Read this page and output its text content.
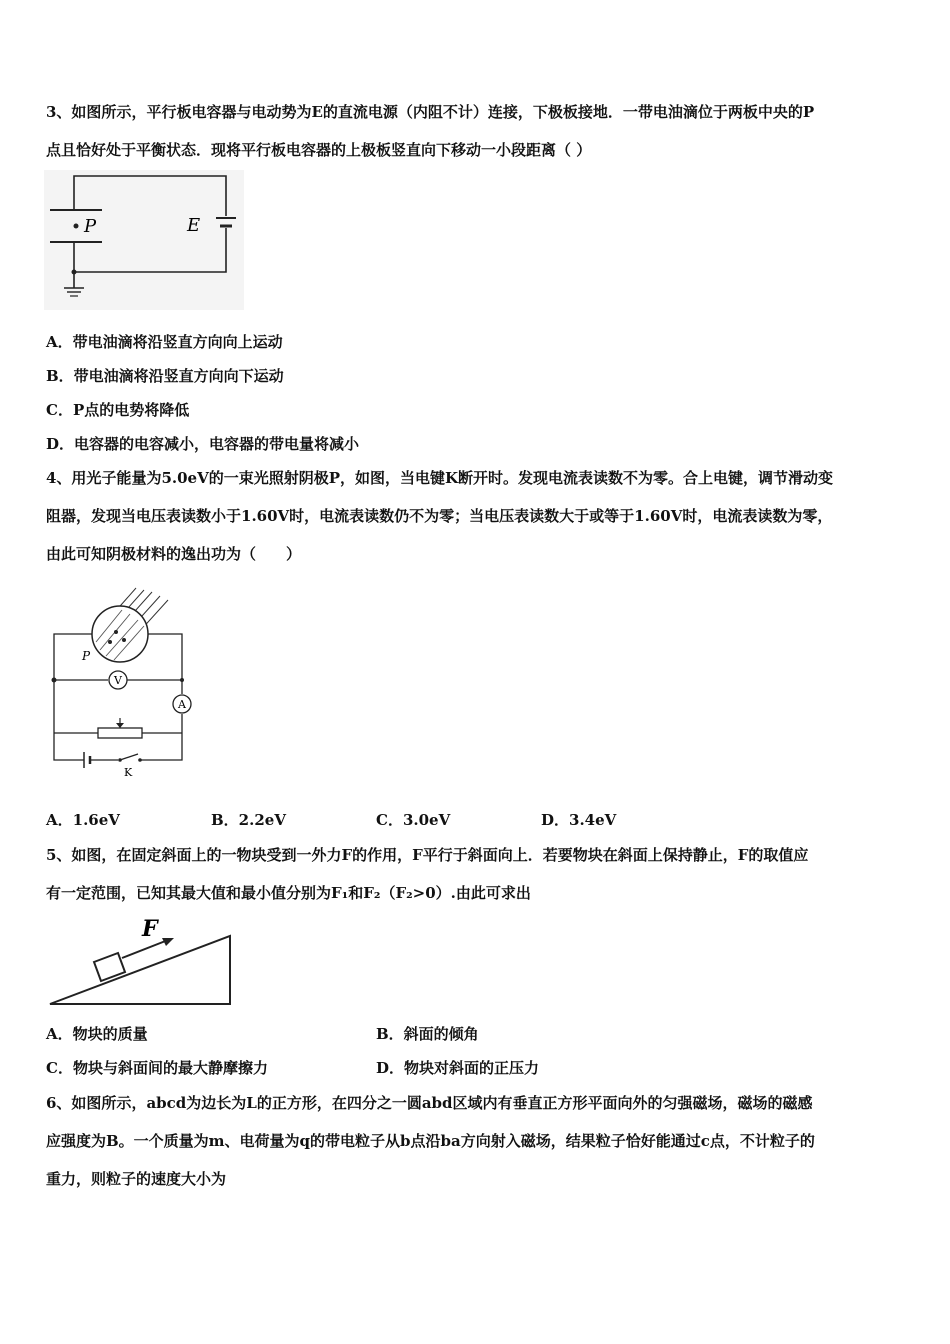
3、如图所示，平行板电容器与电动势为E的直流电源（内阻不计）连接，下极板接地．一带电油滴位于两板中央的P
点且恰好处于平衡状态．现将平行板电容器的上极板竖直向下移动一小段距离（ ）
P	E
A．带电油滴将沿竖直方向向上运动
B．带电油滴将沿竖直方向向下运动
C．P点的电势将降低
D．电容器的电容减小，电容器的带电量将减小
4、用光子能量为5.0eV的一束光照射阴极P，如图，当电键K断开时。发现电流表读数不为零。合上电键，调节滑动变
阻器，发现当电压表读数小于1.60V时，电流表读数仍不为零；当电压表读数大于或等于1.60V时，电流表读数为零，
由此可知阴极材料的逸出功为（　　）
P
V
A
K
A．1.6eV	B．2.2eV	C．3.0eV	D．3.4eV
5、如图，在固定斜面上的一物块受到一外力F的作用，F平行于斜面向上．若要物块在斜面上保持静止，F的取值应
有一定范围，已知其最大值和最小值分别为F₁和F₂（F₂>0）.由此可求出
F
A．物块的质量	B．斜面的倾角
C．物块与斜面间的最大静摩擦力	D．物块对斜面的正压力
6、如图所示，abcd为边长为L的正方形，在四分之一圆abd区域内有垂直正方形平面向外的匀强磁场，磁场的磁感
应强度为B。一个质量为m、电荷量为q的带电粒子从b点沿ba方向射入磁场，结果粒子恰好能通过c点，不计粒子的
重力，则粒子的速度大小为
